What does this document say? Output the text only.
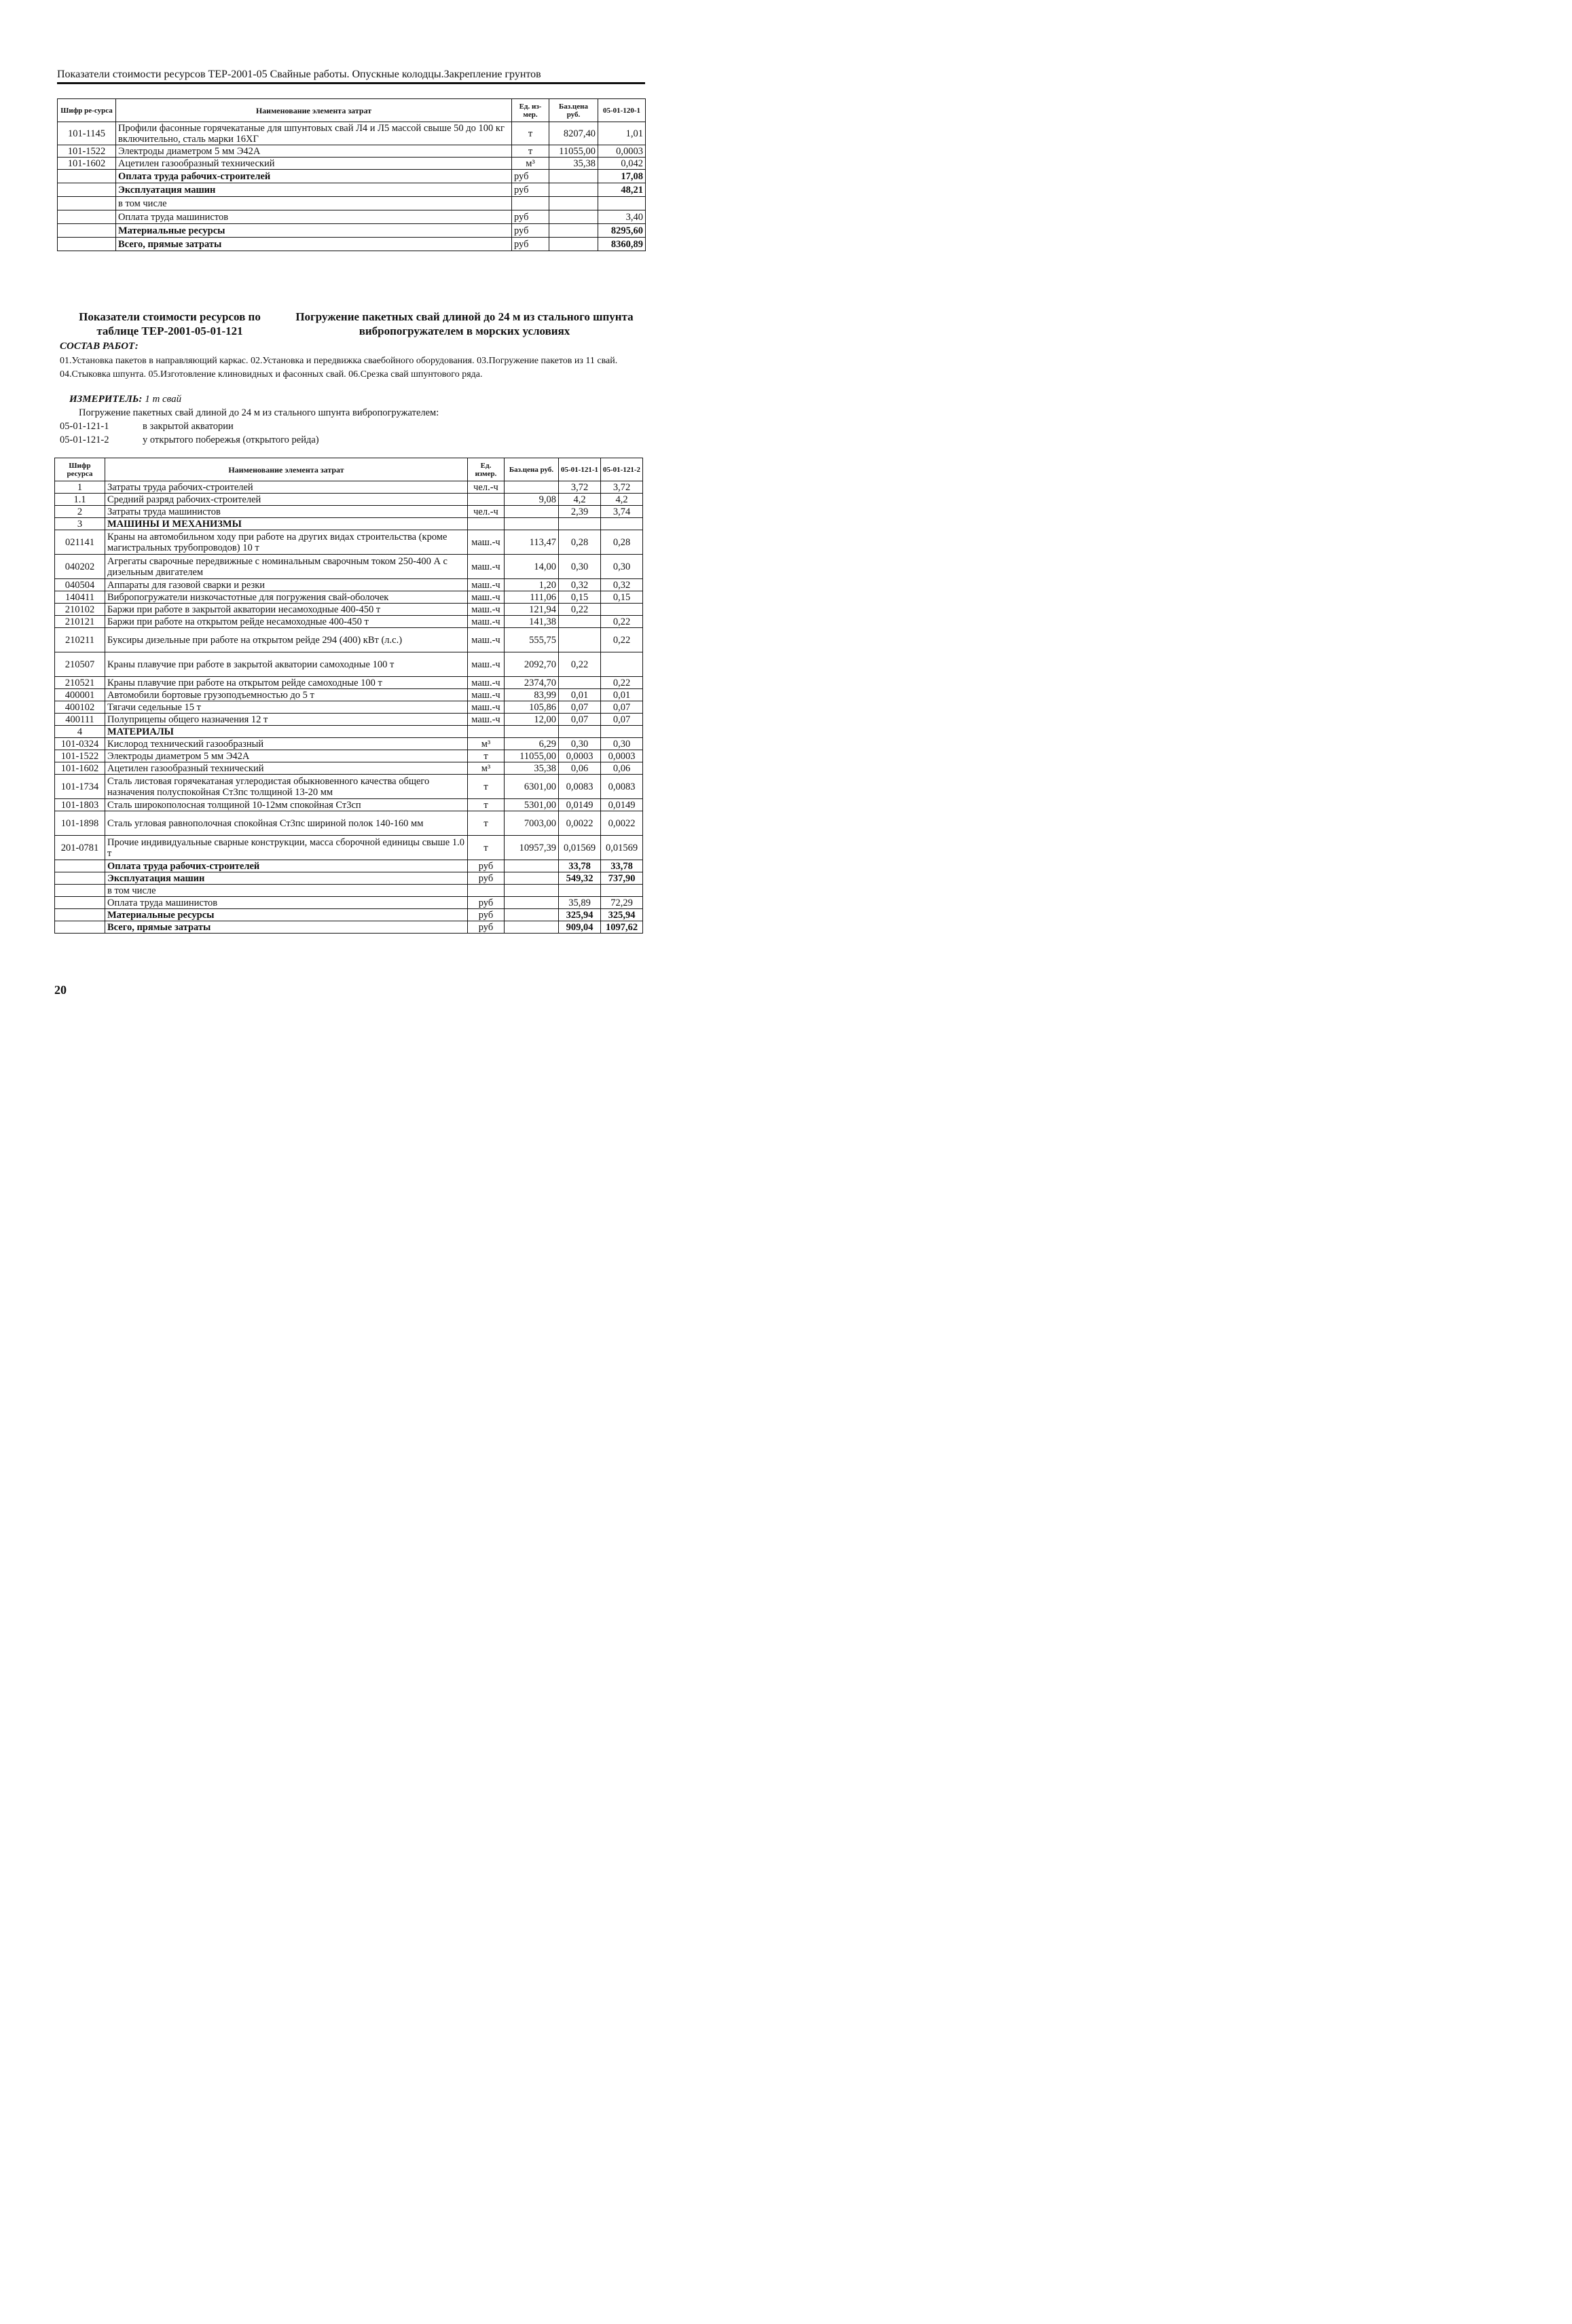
Показатели стоимости ресурсов ТЕР-2001-05 Свайные работы. Опускные колодцы.Закрепление грунтов
Шифр ре-сурса	Наименование элемента затрат	Ед. из-мер.	Баз.цена руб.	05-01-120-1
101-1145	Профили фасонные горячекатаные для шпунтовых свай Л4 и Л5 массой свыше 50 до 100 кг включительно, сталь марки 16ХГ	т	8207,40	1,01
101-1522	Электроды диаметром 5 мм Э42А	т	11055,00	0,0003
101-1602	Ацетилен газообразный технический	м³	35,38	0,042
	Оплата труда рабочих-строителей	руб		17,08
	Эксплуатация машин	руб		48,21
	в том числе			
	Оплата труда машинистов	руб		3,40
	Материальные ресурсы	руб		8295,60
	Всего, прямые затраты	руб		8360,89
Показатели стоимости ресурсов по таблице ТЕР-2001-05-01-121
Погружение пакетных свай длиной до 24 м из стального шпунта вибропогружателем в морских условиях
СОСТАВ РАБОТ:
01.Установка пакетов в направляющий каркас. 02.Установка и передвижка сваебойного оборудования. 03.Погружение пакетов из 11 свай. 04.Стыковка шпунта. 05.Изготовление клиновидных и фасонных свай. 06.Срезка свай шпунтового ряда.
ИЗМЕРИТЕЛЬ: 1 т свай
Погружение пакетных свай длиной до 24 м из стального шпунта вибропогружателем:
05-01-121-1	в закрытой акватории
05-01-121-2	у открытого побережья (открытого рейда)
Шифр ресурса	Наименование элемента затрат	Ед. измер.	Баз.цена руб.	05-01-121-1	05-01-121-2
1	Затраты труда рабочих-строителей	чел.-ч		3,72	3,72
1.1	Средний разряд рабочих-строителей		9,08	4,2	4,2
2	Затраты труда машинистов	чел.-ч		2,39	3,74
3	МАШИНЫ И МЕХАНИЗМЫ				
021141	Краны на автомобильном ходу при работе на других видах строительства (кроме магистральных трубопроводов) 10 т	маш.-ч	113,47	0,28	0,28
040202	Агрегаты сварочные передвижные с номинальным сварочным током 250-400 А с дизельным двигателем	маш.-ч	14,00	0,30	0,30
040504	Аппараты для газовой сварки и резки	маш.-ч	1,20	0,32	0,32
140411	Вибропогружатели низкочастотные для погружения свай-оболочек	маш.-ч	111,06	0,15	0,15
210102	Баржи при работе в закрытой акватории несамоходные 400-450 т	маш.-ч	121,94	0,22	
210121	Баржи при работе на открытом рейде несамоходные 400-450 т	маш.-ч	141,38		0,22
210211	Буксиры дизельные при работе на открытом рейде 294 (400) кВт (л.с.)	маш.-ч	555,75		0,22
210507	Краны плавучие при работе в закрытой акватории самоходные 100 т	маш.-ч	2092,70	0,22	
210521	Краны плавучие при работе на открытом рейде самоходные 100 т	маш.-ч	2374,70		0,22
400001	Автомобили бортовые грузоподъемностью до 5 т	маш.-ч	83,99	0,01	0,01
400102	Тягачи седельные 15 т	маш.-ч	105,86	0,07	0,07
400111	Полуприцепы общего назначения 12 т	маш.-ч	12,00	0,07	0,07
4	МАТЕРИАЛЫ				
101-0324	Кислород технический газообразный	м³	6,29	0,30	0,30
101-1522	Электроды диаметром 5 мм Э42А	т	11055,00	0,0003	0,0003
101-1602	Ацетилен газообразный технический	м³	35,38	0,06	0,06
101-1734	Сталь листовая горячекатаная углеродистая обыкновенного качества общего назначения полуспокойная Ст3пс толщиной 13-20 мм	т	6301,00	0,0083	0,0083
101-1803	Сталь широкополосная толщиной 10-12мм спокойная Ст3сп	т	5301,00	0,0149	0,0149
101-1898	Сталь угловая равнополочная спокойная Ст3пс шириной полок 140-160 мм	т	7003,00	0,0022	0,0022
201-0781	Прочие индивидуальные сварные конструкции, масса сборочной единицы свыше 1.0 т	т	10957,39	0,01569	0,01569
	Оплата труда рабочих-строителей	руб		33,78	33,78
	Эксплуатация машин	руб		549,32	737,90
	в том числе				
	Оплата труда машинистов	руб		35,89	72,29
	Материальные ресурсы	руб		325,94	325,94
	Всего, прямые затраты	руб		909,04	1097,62
20
